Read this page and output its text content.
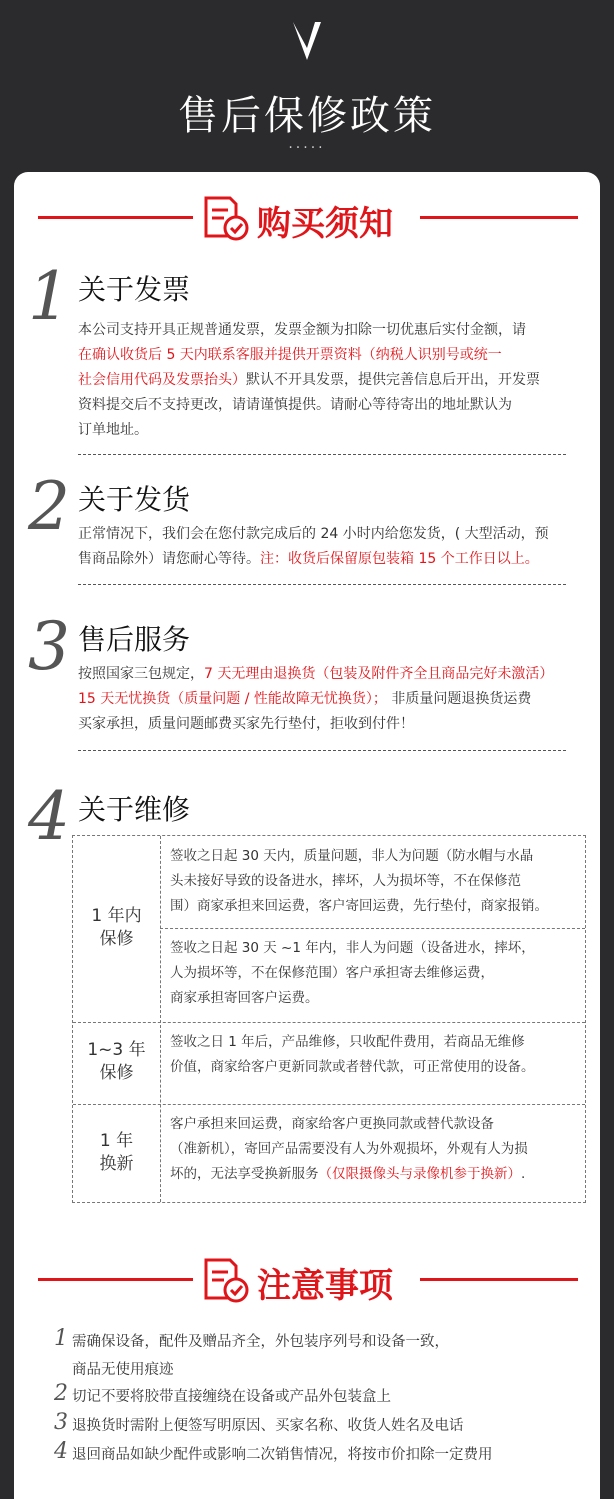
售后保修政策
·····
购买须知
1 关于发票
本公司支持开具正规普通发票，发票金额为扣除一切优惠后实付金额，请
在确认收货后 5 天内联系客服并提供开票资料（纳税人识别号或统一
社会信用代码及发票抬头）默认不开具发票，提供完善信息后开出，开发票
资料提交后不支持更改，请请谨慎提供。请耐心等待寄出的地址默认为
订单地址。
2 关于发货
正常情况下，我们会在您付款完成后的 24 小时内给您发货，( 大型活动，预
售商品除外）请您耐心等待。注：收货后保留原包装箱 15 个工作日以上。
3 售后服务
按照国家三包规定，7 天无理由退换货（包装及附件齐全且商品完好未激活）
15 天无忧换货（质量问题 / 性能故障无忧换货）； 非质量问题退换货运费
买家承担，质量问题邮费买家先行垫付，拒收到付件！
4 关于维修
注意事项
1 需确保设备，配件及赠品齐全，外包装序列号和设备一致，
商品无使用痕迹
2 切记不要将胶带直接缠绕在设备或产品外包装盒上
3 退换货时需附上便签写明原因、买家名称、收货人姓名及电话
4 退回商品如缺少配件或影响二次销售情况，将按市价扣除一定费用
1 年内
保修
签收之日起 30 天内，质量问题，非人为问题（防水帽与水晶
头未接好导致的设备进水，摔坏，人为损坏等，不在保修范
围）商家承担来回运费，客户寄回运费，先行垫付，商家报销。
签收之日起 30 天 ~1 年内，非人为问题（设备进水，摔坏，
人为损坏等，不在保修范围）客户承担寄去维修运费，
商家承担寄回客户运费。
1~3 年
保修
签收之日 1 年后，产品维修，只收配件费用，若商品无维修
价值，商家给客户更新同款或者替代款，可正常使用的设备。
1 年
换新
客户承担来回运费，商家给客户更换同款或替代款设备
（准新机），寄回产品需要没有人为外观损坏，外观有人为损
坏的，无法享受换新服务（仅限摄像头与录像机参于换新）.
